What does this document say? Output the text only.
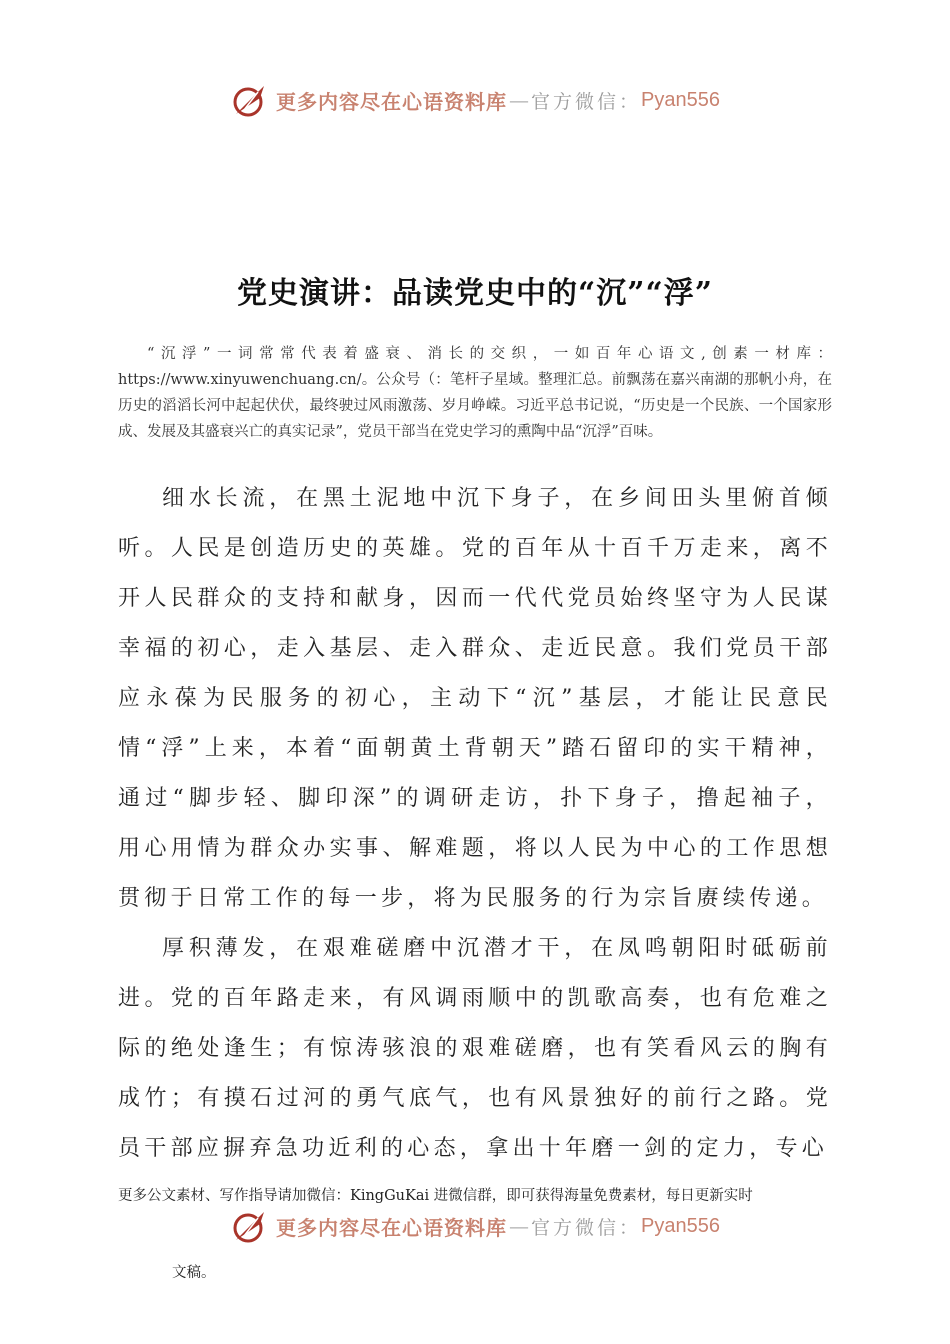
更多内容尽在心语资料库 — 官方微信： Pyan556
党史演讲：品读党史中的“沉”“浮”

“沉浮”一词常常代表着盛衰、消长的交织，一如百年心语文,创素一材库：https://www.xinyuwenchuang.cn/。公众号（：笔杆子星域。整理汇总。前飘荡在嘉兴南湖的那帆小舟，在历史的滔滔长河中起起伏伏，最终驶过风雨激荡、岁月峥嵘。习近平总书记说，“历史是一个民族、一个国家形成、发展及其盛衰兴亡的真实记录”，党员干部当在党史学习的熏陶中品“沉浮”百味。

细水长流，在黑土泥地中沉下身子，在乡间田头里俯首倾听。人民是创造历史的英雄。党的百年从十百千万走来，离不开人民群众的支持和献身，因而一代代党员始终坚守为人民谋幸福的初心，走入基层、走入群众、走近民意。我们党员干部应永葆为民服务的初心，主动下“沉”基层，才能让民意民情“浮”上来，本着“面朝黄土背朝天”踏石留印的实干精神，通过“脚步轻、脚印深”的调研走访，扑下身子，撸起袖子，用心用情为群众办实事、解难题，将以人民为中心的工作思想贯彻于日常工作的每一步，将为民服务的行为宗旨赓续传递。

厚积薄发，在艰难磋磨中沉潜才干，在凤鸣朝阳时砥砺前进。党的百年路走来，有风调雨顺中的凯歌高奏，也有危难之际的绝处逢生；有惊涛骇浪的艰难磋磨，也有笑看风云的胸有成竹；有摸石过河的勇气底气，也有风景独好的前行之路。党员干部应摒弃急功近利的心态，拿出十年磨一剑的定力，专心

更多公文素材、写作指导请加微信：KingGuKai 进微信群，即可获得海量免费素材，每日更新实时

更多内容尽在心语资料库 — 官方微信： Pyan556

文稿。
